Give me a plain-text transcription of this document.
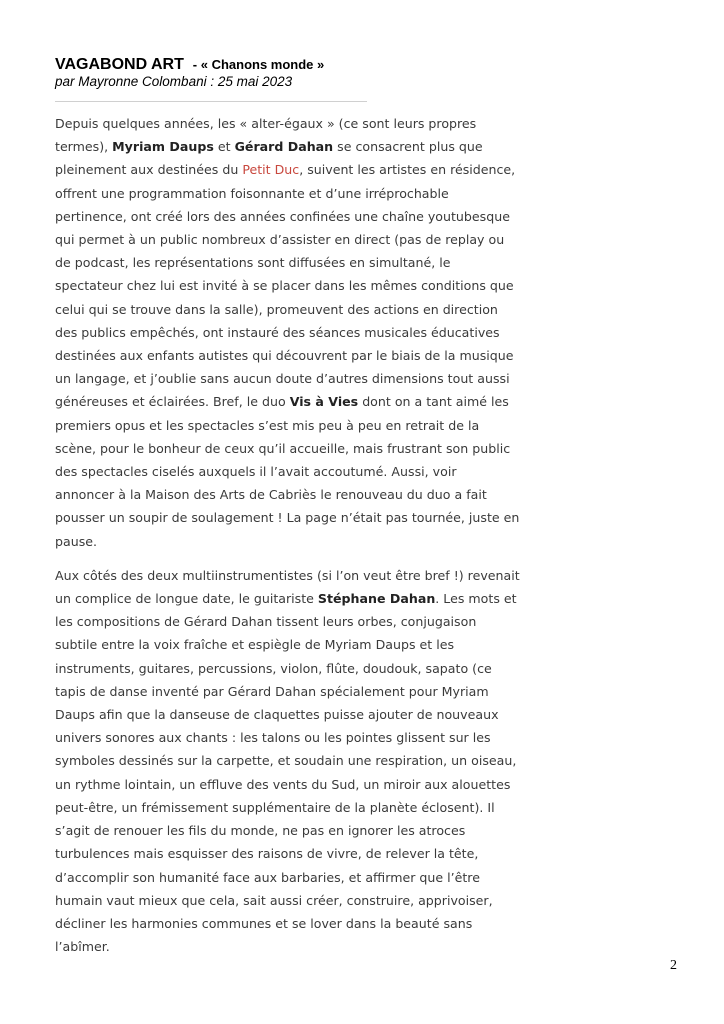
VAGABOND ART - « Chanons monde »
par Mayronne Colombani : 25 mai 2023
Depuis quelques années, les « alter-égaux » (ce sont leurs propres
termes), Myriam Daups et Gérard Dahan se consacrent plus que
pleinement aux destinées du Petit Duc, suivent les artistes en résidence,
offrent une programmation foisonnante et d’une irréprochable
pertinence, ont créé lors des années confinées une chaîne youtubesque
qui permet à un public nombreux d’assister en direct (pas de replay ou
de podcast, les représentations sont diffusées en simultané, le
spectateur chez lui est invité à se placer dans les mêmes conditions que
celui qui se trouve dans la salle), promeuvent des actions en direction
des publics empêchés, ont instauré des séances musicales éducatives
destinées aux enfants autistes qui découvrent par le biais de la musique
un langage, et j’oublie sans aucun doute d’autres dimensions tout aussi
généreuses et éclairées. Bref, le duo Vis à Vies dont on a tant aimé les
premiers opus et les spectacles s’est mis peu à peu en retrait de la
scène, pour le bonheur de ceux qu’il accueille, mais frustrant son public
des spectacles ciselés auxquels il l’avait accoutumé. Aussi, voir
annoncer à la Maison des Arts de Cabriès le renouveau du duo a fait
pousser un soupir de soulagement ! La page n’était pas tournée, juste en
pause.
Aux côtés des deux multiinstrumentistes (si l’on veut être bref !) revenait
un complice de longue date, le guitariste Stéphane Dahan. Les mots et
les compositions de Gérard Dahan tissent leurs orbes, conjugaison
subtile entre la voix fraîche et espiègle de Myriam Daups et les
instruments, guitares, percussions, violon, flûte, doudouk, sapato (ce
tapis de danse inventé par Gérard Dahan spécialement pour Myriam
Daups afin que la danseuse de claquettes puisse ajouter de nouveaux
univers sonores aux chants : les talons ou les pointes glissent sur les
symboles dessinés sur la carpette, et soudain une respiration, un oiseau,
un rythme lointain, un effluve des vents du Sud, un miroir aux alouettes
peut-être, un frémissement supplémentaire de la planète éclosent). Il
s’agit de renouer les fils du monde, ne pas en ignorer les atroces
turbulences mais esquisser des raisons de vivre, de relever la tête,
d’accomplir son humanité face aux barbaries, et affirmer que l’être
humain vaut mieux que cela, sait aussi créer, construire, apprivoiser,
décliner les harmonies communes et se lover dans la beauté sans
l’abîmer.
2
